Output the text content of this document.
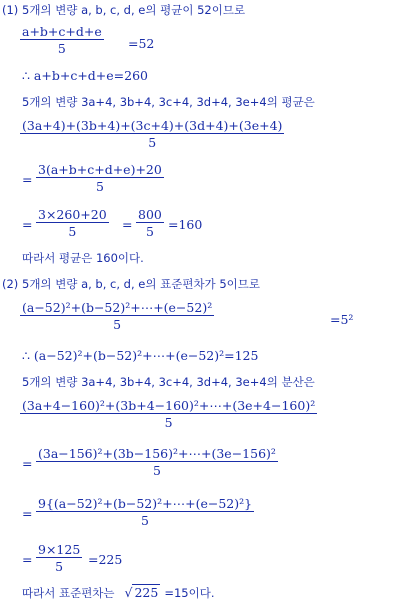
(1) 5개의 변량 a, b, c, d, e의 평균이 52이므로
$\frac{a+b+c+d+e}{5} =52$
∴ a+b+c+d+e=260
5개의 변량 3a+4, 3b+4, 3c+4, 3d+4, 3e+4의 평균은
$\frac{(3a+4)+(3b+4)+(3c+4)+(3d+4)+(3e+4)}{5}$
= $\frac{3(a+b+c+d+e)+20}{5}$
= $\frac{3\times 260+20}{5} = \frac{800}{5} =160$
따라서 평균은 160이다.
(2) 5개의 변량 a, b, c, d, e의 표준편차가 5이므로
$\frac{\text{(a−52)²+(b−52)²+⋯+(e−52)²}}{5}$	=5²
∴ (a−52)²+(b−52)²+⋯+(e−52)²=125
5개의 변량 3a+4, 3b+4, 3c+4, 3d+4, 3e+4의 분산은
$\frac{\text{(3a+4−160)²+(3b+4−160)²+⋯+(3e+4−160)²}}{5}$
= $\frac{\text{(3a−156)²+(3b−156)²+⋯+(3e−156)²}}{5}$
= $\frac{\text{9\{(a−52)²+(b−52)²+⋯+(e−52)²\}}}{5}$
= $\frac{9\times 125}{5} =225$
따라서 표준편차는 √ 225 =15이다.
